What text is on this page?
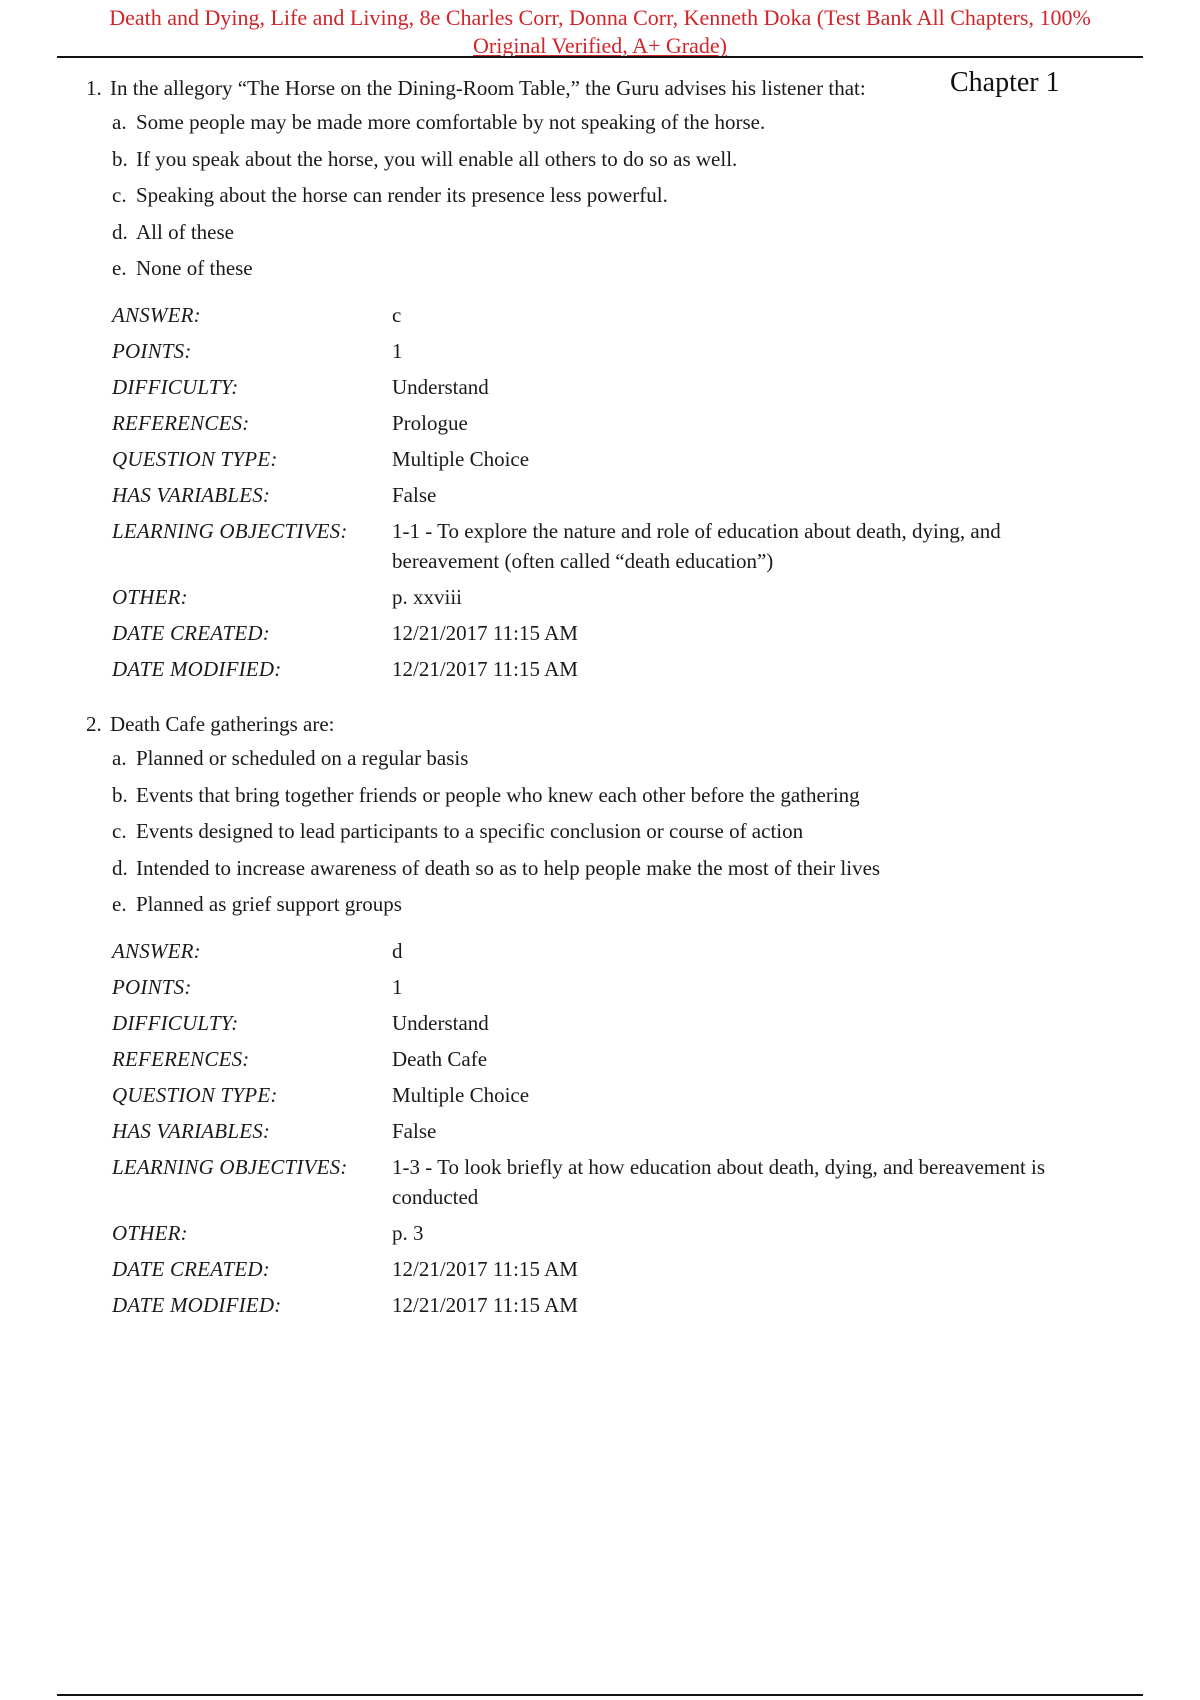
Death and Dying, Life and Living, 8e Charles Corr, Donna Corr, Kenneth Doka (Test Bank All Chapters, 100%
Original Verified, A+ Grade)
Chapter 1

1. In the allegory “The Horse on the Dining-Room Table,” the Guru advises his listener that:

a. Some people may be made more comfortable by not speaking of the horse.
b. If you speak about the horse, you will enable all others to do so as well.
c. Speaking about the horse can render its presence less powerful.
d. All of these
e. None of these
ANSWER:	c
POINTS:	1
DIFFICULTY:	Understand
REFERENCES:	Prologue
QUESTION TYPE:	Multiple Choice
HAS VARIABLES:	False
LEARNING OBJECTIVES:	1-1 - To explore the nature and role of education about death, dying, and bereavement (often called “death education”)
OTHER:	p. xxviii
DATE CREATED:	12/21/2017 11:15 AM
DATE MODIFIED:	12/21/2017 11:15 AM

2. Death Cafe gatherings are:

a. Planned or scheduled on a regular basis
b. Events that bring together friends or people who knew each other before the gathering
c. Events designed to lead participants to a specific conclusion or course of action
d. Intended to increase awareness of death so as to help people make the most of their lives
e. Planned as grief support groups
ANSWER:	d
POINTS:	1
DIFFICULTY:	Understand
REFERENCES:	Death Cafe
QUESTION TYPE:	Multiple Choice
HAS VARIABLES:	False
LEARNING OBJECTIVES:	1-3 - To look briefly at how education about death, dying, and bereavement is conducted
OTHER:	p. 3
DATE CREATED:	12/21/2017 11:15 AM
DATE MODIFIED:	12/21/2017 11:15 AM
